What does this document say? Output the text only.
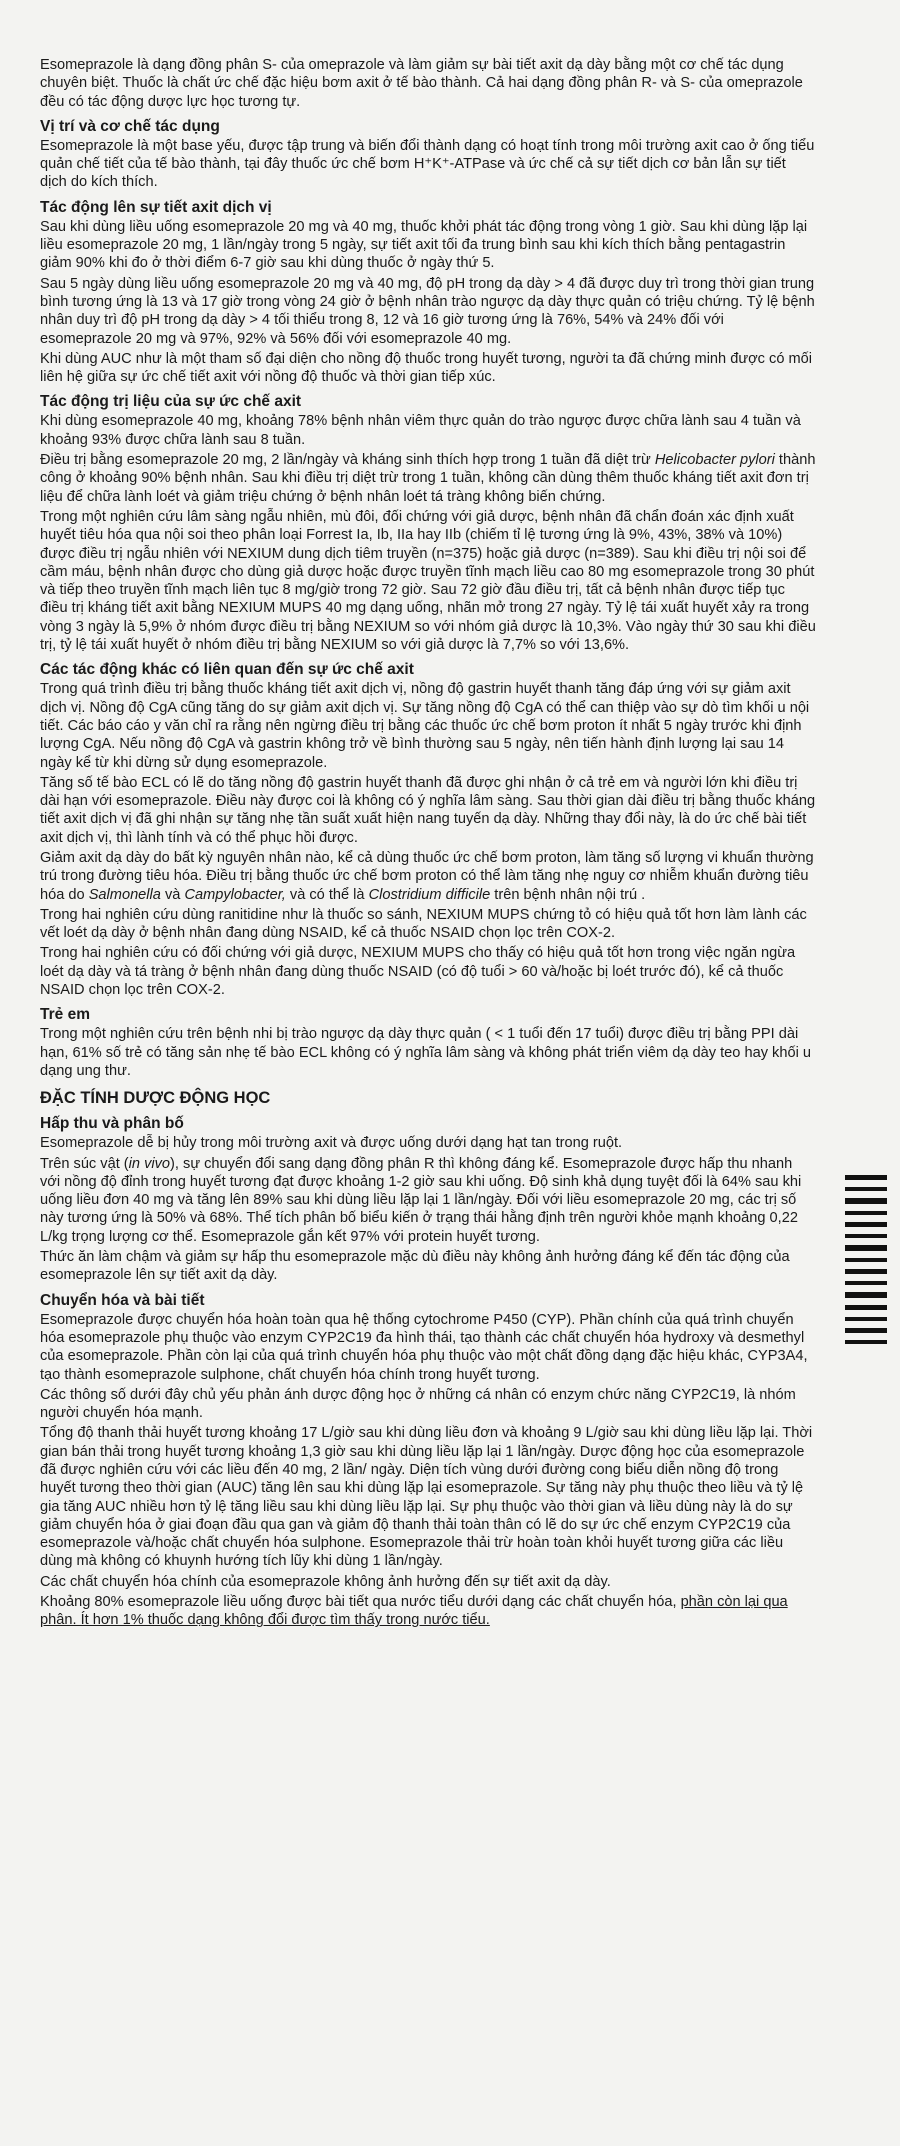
Esomeprazole là dạng đồng phân S- của omeprazole và làm giảm sự bài tiết axit dạ dày bằng một cơ chế tác dụng chuyên biệt. Thuốc là chất ức chế đặc hiệu bơm axit ở tế bào thành. Cả hai dạng đồng phân R- và S- của omeprazole đều có tác động dược lực học tương tự.

Vị trí và cơ chế tác dụng

Esomeprazole là một base yếu, được tập trung và biến đổi thành dạng có hoạt tính trong môi trường axit cao ở ống tiểu quản chế tiết của tế bào thành, tại đây thuốc ức chế bơm H⁺K⁺-ATPase và ức chế cả sự tiết dịch cơ bản lẫn sự tiết dịch do kích thích.

Tác động lên sự tiết axit dịch vị

Sau khi dùng liều uống esomeprazole 20 mg và 40 mg, thuốc khởi phát tác động trong vòng 1 giờ. Sau khi dùng lặp lại liều esomeprazole 20 mg, 1 lần/ngày trong 5 ngày, sự tiết axit tối đa trung bình sau khi kích thích bằng pentagastrin giảm 90% khi đo ở thời điểm 6-7 giờ sau khi dùng thuốc ở ngày thứ 5.

Sau 5 ngày dùng liều uống esomeprazole 20 mg và 40 mg, độ pH trong dạ dày > 4 đã được duy trì trong thời gian trung bình tương ứng là 13 và 17 giờ trong vòng 24 giờ ở bệnh nhân trào ngược dạ dày thực quản có triệu chứng. Tỷ lệ bệnh nhân duy trì độ pH trong dạ dày > 4 tối thiểu trong 8, 12 và 16 giờ tương ứng là 76%, 54% và 24% đối với esomeprazole 20 mg và 97%, 92% và 56% đối với esomeprazole 40 mg.

Khi dùng AUC như là một tham số đại diện cho nồng độ thuốc trong huyết tương, người ta đã chứng minh được có mối liên hệ giữa sự ức chế tiết axit với nồng độ thuốc và thời gian tiếp xúc.

Tác động trị liệu của sự ức chế axit

Khi dùng esomeprazole 40 mg, khoảng 78% bệnh nhân viêm thực quản do trào ngược được chữa lành sau 4 tuần và khoảng 93% được chữa lành sau 8 tuần.

Điều trị bằng esomeprazole 20 mg, 2 lần/ngày và kháng sinh thích hợp trong 1 tuần đã diệt trừ Helicobacter pylori thành công ở khoảng 90% bệnh nhân. Sau khi điều trị diệt trừ trong 1 tuần, không cần dùng thêm thuốc kháng tiết axit đơn trị liệu để chữa lành loét và giảm triệu chứng ở bệnh nhân loét tá tràng không biến chứng.

Trong một nghiên cứu lâm sàng ngẫu nhiên, mù đôi, đối chứng với giả dược, bệnh nhân đã chẩn đoán xác định xuất huyết tiêu hóa qua nội soi theo phân loại Forrest Ia, Ib, IIa hay IIb (chiếm tỉ lệ tương ứng là 9%, 43%, 38% và 10%) được điều trị ngẫu nhiên với NEXIUM dung dịch tiêm truyền (n=375) hoặc giả dược (n=389). Sau khi điều trị nội soi để cầm máu, bệnh nhân được cho dùng giả dược hoặc được truyền tĩnh mạch liều cao 80 mg esomeprazole trong 30 phút và tiếp theo truyền tĩnh mạch liên tục 8 mg/giờ trong 72 giờ. Sau 72 giờ đầu điều trị, tất cả bệnh nhân được tiếp tục điều trị kháng tiết axit bằng NEXIUM MUPS 40 mg dạng uống, nhãn mở trong 27 ngày. Tỷ lệ tái xuất huyết xảy ra trong vòng 3 ngày là 5,9% ở nhóm được điều trị bằng NEXIUM so với nhóm giả dược là 10,3%. Vào ngày thứ 30 sau khi điều trị, tỷ lệ tái xuất huyết ở nhóm điều trị bằng NEXIUM so với giả dược là 7,7% so với 13,6%.

Các tác động khác có liên quan đến sự ức chế axit

Trong quá trình điều trị bằng thuốc kháng tiết axit dịch vị, nồng độ gastrin huyết thanh tăng đáp ứng với sự giảm axit dịch vị. Nồng độ CgA cũng tăng do sự giảm axit dịch vị. Sự tăng nồng độ CgA có thể can thiệp vào sự dò tìm khối u nội tiết. Các báo cáo y văn chỉ ra rằng nên ngừng điều trị bằng các thuốc ức chế bơm proton ít nhất 5 ngày trước khi định lượng CgA. Nếu nồng độ CgA và gastrin không trở về bình thường sau 5 ngày, nên tiến hành định lượng lại sau 14 ngày kể từ khi dừng sử dụng esomeprazole.

Tăng số tế bào ECL có lẽ do tăng nồng độ gastrin huyết thanh đã được ghi nhận ở cả trẻ em và người lớn khi điều trị dài hạn với esomeprazole. Điều này được coi là không có ý nghĩa lâm sàng. Sau thời gian dài điều trị bằng thuốc kháng tiết axit dịch vị đã ghi nhận sự tăng nhẹ tần suất xuất hiện nang tuyến dạ dày. Những thay đổi này, là do ức chế bài tiết axit dịch vị, thì lành tính và có thể phục hồi được.

Giảm axit dạ dày do bất kỳ nguyên nhân nào, kể cả dùng thuốc ức chế bơm proton, làm tăng số lượng vi khuẩn thường trú trong đường tiêu hóa. Điều trị bằng thuốc ức chế bơm proton có thể làm tăng nhẹ nguy cơ nhiễm khuẩn đường tiêu hóa do Salmonella và Campylobacter, và có thể là Clostridium difficile trên bệnh nhân nội trú .

Trong hai nghiên cứu dùng ranitidine như là thuốc so sánh, NEXIUM MUPS chứng tỏ có hiệu quả tốt hơn làm lành các vết loét dạ dày ở bệnh nhân đang dùng NSAID, kể cả thuốc NSAID chọn lọc trên COX-2.

Trong hai nghiên cứu có đối chứng với giả dược, NEXIUM MUPS cho thấy có hiệu quả tốt hơn trong việc ngăn ngừa loét dạ dày và tá tràng ở bệnh nhân đang dùng thuốc NSAID (có độ tuổi > 60 và/hoặc bị loét trước đó), kể cả thuốc NSAID chọn lọc trên COX-2.

Trẻ em

Trong một nghiên cứu trên bệnh nhi bị trào ngược dạ dày thực quản ( < 1 tuổi đến 17 tuổi) được điều trị bằng PPI dài hạn, 61% số trẻ có tăng sản nhẹ tế bào ECL không có ý nghĩa lâm sàng và không phát triển viêm dạ dày teo hay khối u dạng ung thư.

ĐẶC TÍNH DƯỢC ĐỘNG HỌC
Hấp thu và phân bố

Esomeprazole dễ bị hủy trong môi trường axit và được uống dưới dạng hạt tan trong ruột.

Trên súc vật (in vivo), sự chuyển đổi sang dạng đồng phân R thì không đáng kể. Esomeprazole được hấp thu nhanh với nồng độ đỉnh trong huyết tương đạt được khoảng 1-2 giờ sau khi uống. Độ sinh khả dụng tuyệt đối là 64% sau khi uống liều đơn 40 mg và tăng lên 89% sau khi dùng liều lặp lại 1 lần/ngày. Đối với liều esomeprazole 20 mg, các trị số này tương ứng là 50% và 68%. Thể tích phân bố biểu kiến ở trạng thái hằng định trên người khỏe mạnh khoảng 0,22 L/kg trọng lượng cơ thể. Esomeprazole gắn kết 97% với protein huyết tương.

Thức ăn làm chậm và giảm sự hấp thu esomeprazole mặc dù điều này không ảnh hưởng đáng kể đến tác động của esomeprazole lên sự tiết axit dạ dày.

Chuyển hóa và bài tiết

Esomeprazole được chuyển hóa hoàn toàn qua hệ thống cytochrome P450 (CYP). Phần chính của quá trình chuyển hóa esomeprazole phụ thuộc vào enzym CYP2C19 đa hình thái, tạo thành các chất chuyển hóa hydroxy và desmethyl của esomeprazole. Phần còn lại của quá trình chuyển hóa phụ thuộc vào một chất đồng dạng đặc hiệu khác, CYP3A4, tạo thành esomeprazole sulphone, chất chuyển hóa chính trong huyết tương.

Các thông số dưới đây chủ yếu phản ánh dược động học ở những cá nhân có enzym chức năng CYP2C19, là nhóm người chuyển hóa mạnh.

Tổng độ thanh thải huyết tương khoảng 17 L/giờ sau khi dùng liều đơn và khoảng 9 L/giờ sau khi dùng liều lặp lại. Thời gian bán thải trong huyết tương khoảng 1,3 giờ sau khi dùng liều lặp lại 1 lần/ngày. Dược động học của esomeprazole đã được nghiên cứu với các liều đến 40 mg, 2 lần/ ngày. Diện tích vùng dưới đường cong biểu diễn nồng độ trong huyết tương theo thời gian (AUC) tăng lên sau khi dùng lặp lại esomeprazole. Sự tăng này phụ thuộc theo liều và tỷ lệ gia tăng AUC nhiều hơn tỷ lệ tăng liều sau khi dùng liều lặp lại. Sự phụ thuộc vào thời gian và liều dùng này là do sự giảm chuyển hóa ở giai đoạn đầu qua gan và giảm độ thanh thải toàn thân có lẽ do sự ức chế enzym CYP2C19 của esomeprazole và/hoặc chất chuyển hóa sulphone. Esomeprazole thải trừ hoàn toàn khỏi huyết tương giữa các liều dùng mà không có khuynh hướng tích lũy khi dùng 1 lần/ngày.

Các chất chuyển hóa chính của esomeprazole không ảnh hưởng đến sự tiết axit dạ dày.

Khoảng 80% esomeprazole liều uống được bài tiết qua nước tiểu dưới dạng các chất chuyển hóa, phần còn lại qua phân. Ít hơn 1% thuốc dạng không đổi được tìm thấy trong nước tiểu.
